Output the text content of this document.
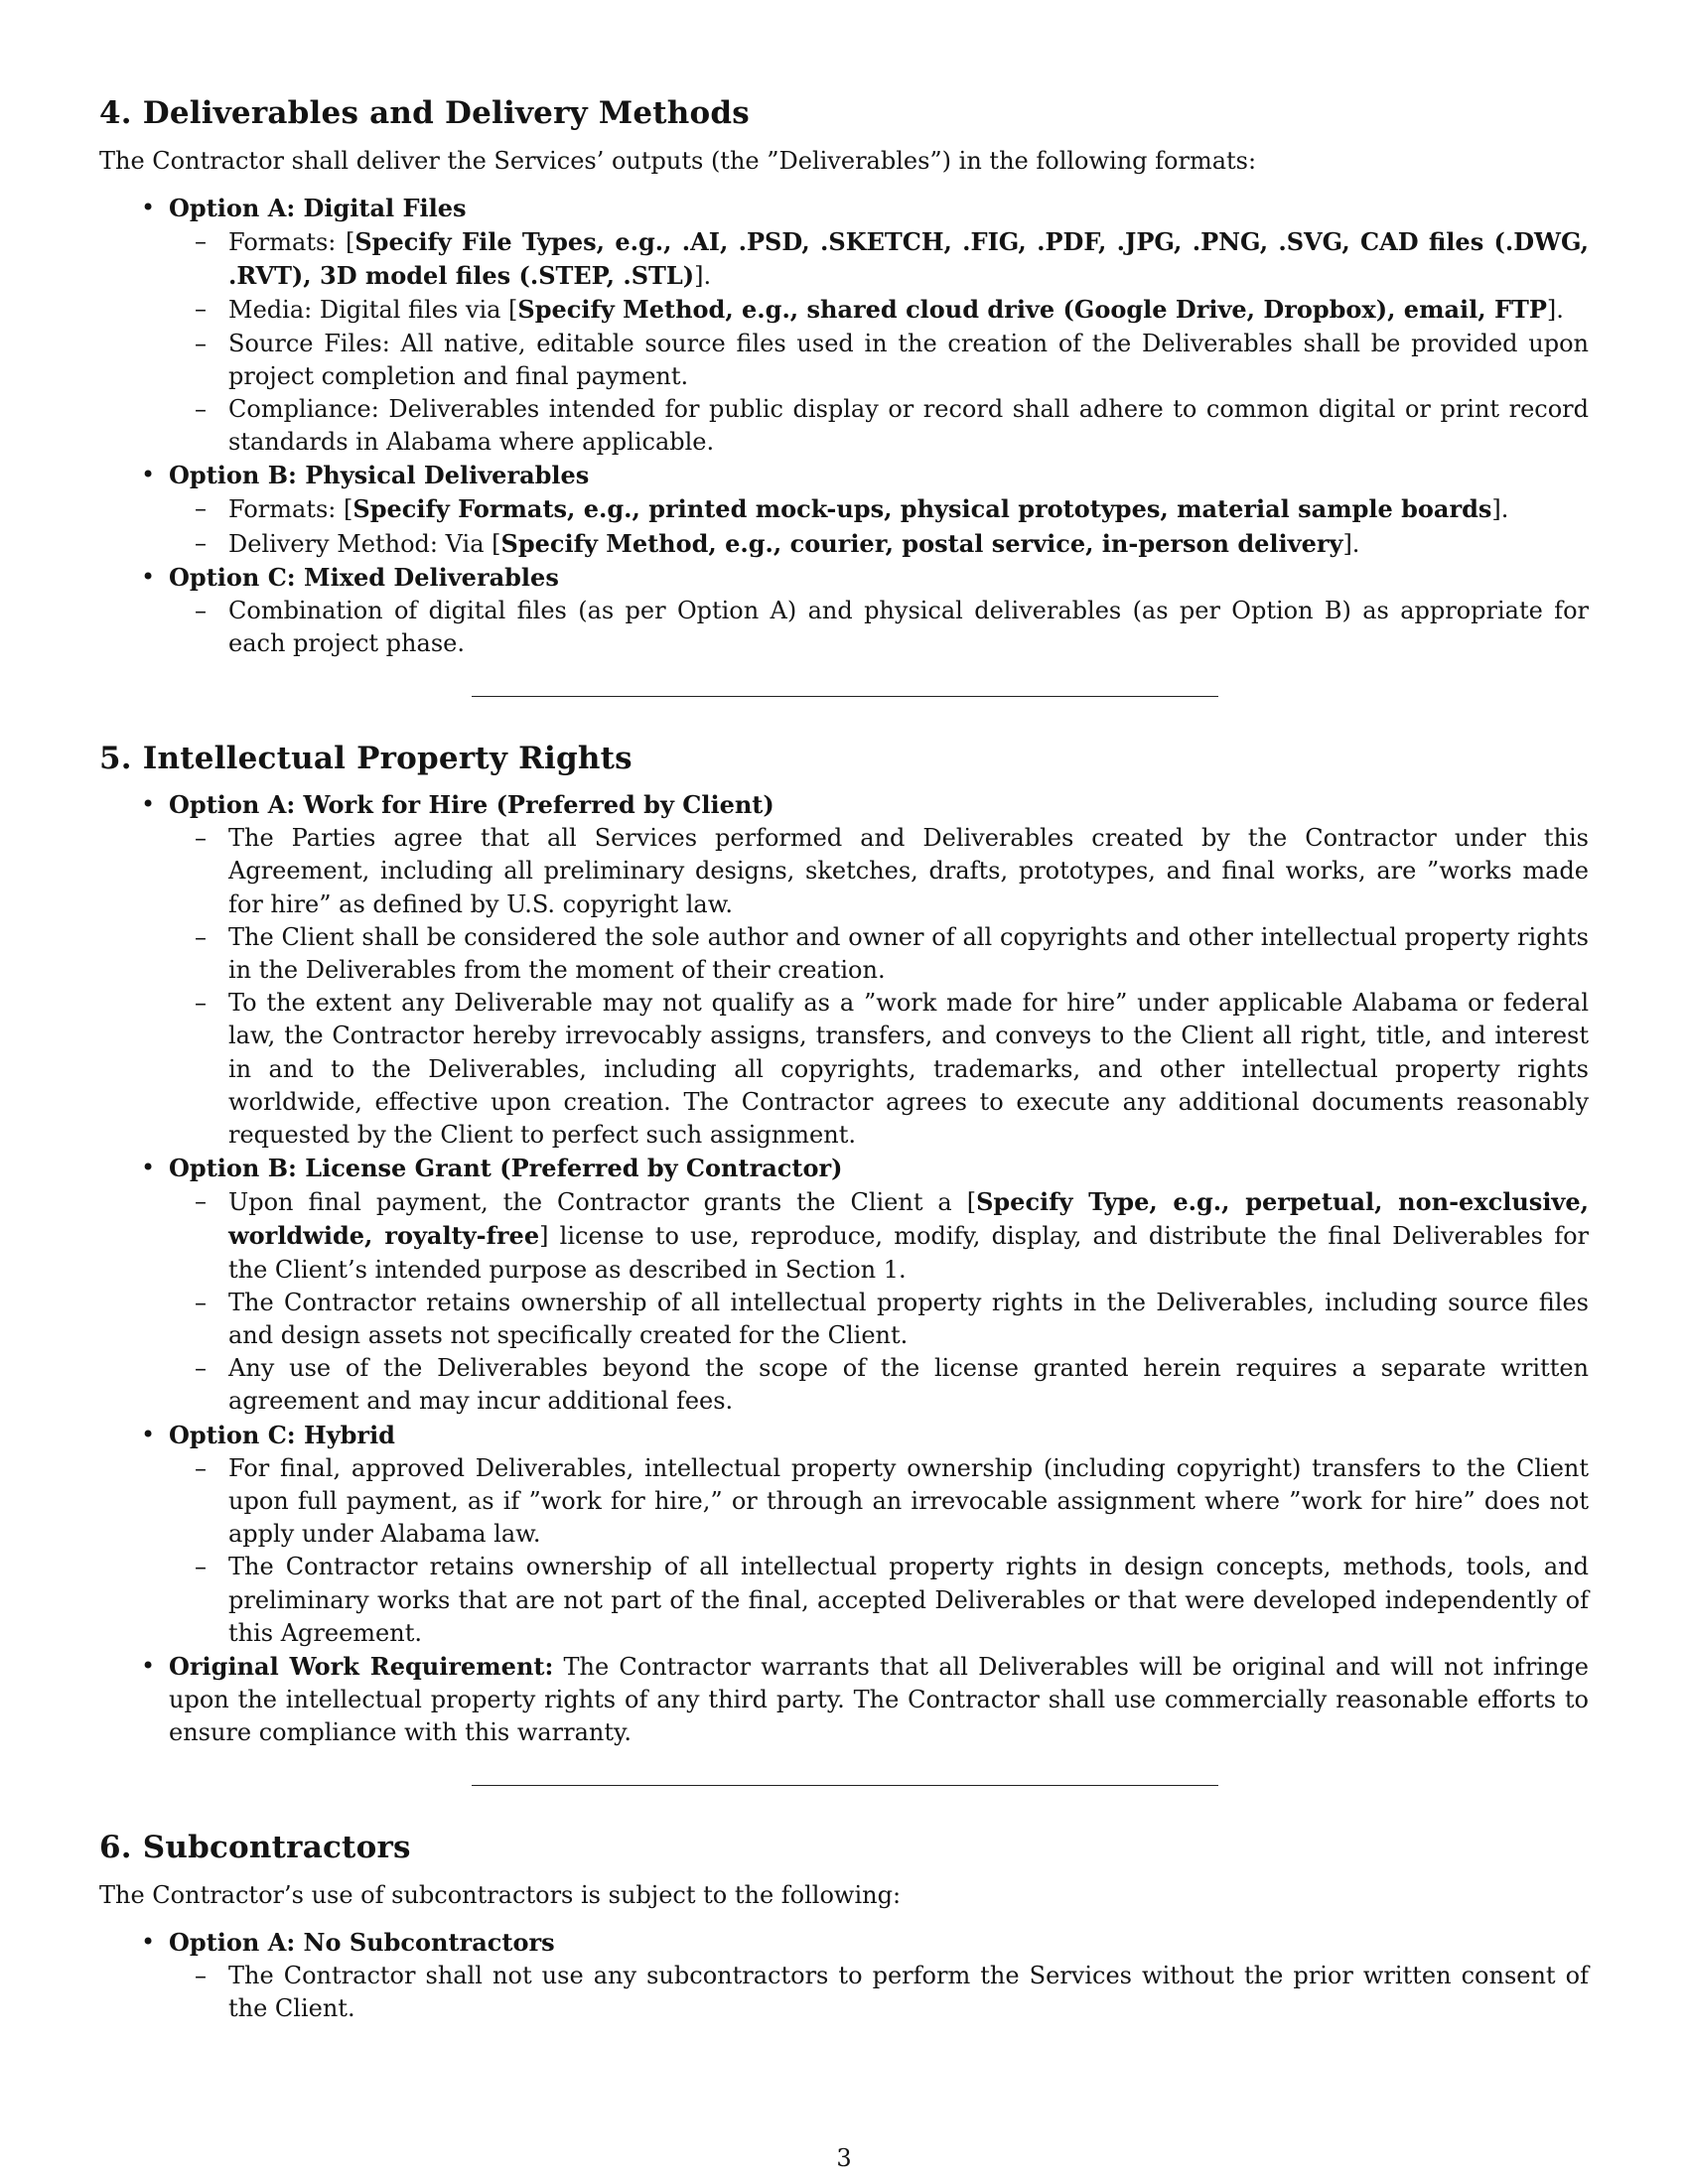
4. Deliverables and Delivery Methods

The Contractor shall deliver the Services’ outputs (the ”Deliverables”) in the following formats:

• Option A: Digital Files
– Formats: [Specify File Types, e.g., .AI, .PSD, .SKETCH, .FIG, .PDF, .JPG, .PNG, .SVG, CAD files (.DWG, .RVT), 3D model files (.STEP, .STL)].
– Media: Digital files via [Specify Method, e.g., shared cloud drive (Google Drive, Dropbox), email, FTP].
– Source Files: All native, editable source files used in the creation of the Deliverables shall be provided upon project completion and final payment.
– Compliance: Deliverables intended for public display or record shall adhere to common digital or print record standards in Alabama where applicable.
• Option B: Physical Deliverables
– Formats: [Specify Formats, e.g., printed mock-ups, physical prototypes, material sample boards].
– Delivery Method: Via [Specify Method, e.g., courier, postal service, in-person delivery].
• Option C: Mixed Deliverables
– Combination of digital files (as per Option A) and physical deliverables (as per Option B) as appropriate for each project phase.
5. Intellectual Property Rights
• Option A: Work for Hire (Preferred by Client)
– The Parties agree that all Services performed and Deliverables created by the Contractor under this Agreement, including all preliminary designs, sketches, drafts, prototypes, and final works, are ”works made for hire” as defined by U.S. copyright law.
– The Client shall be considered the sole author and owner of all copyrights and other intellectual property rights in the Deliverables from the moment of their creation.
– To the extent any Deliverable may not qualify as a ”work made for hire” under applicable Alabama or federal law, the Contractor hereby irrevocably assigns, transfers, and conveys to the Client all right, title, and interest in and to the Deliverables, including all copyrights, trademarks, and other intellectual property rights worldwide, effective upon creation. The Contractor agrees to execute any additional documents reasonably requested by the Client to perfect such assignment.
• Option B: License Grant (Preferred by Contractor)
– Upon final payment, the Contractor grants the Client a [Specify Type, e.g., perpetual, non-exclusive, worldwide, royalty-free] license to use, reproduce, modify, display, and distribute the final Deliverables for the Client’s intended purpose as described in Section 1.
– The Contractor retains ownership of all intellectual property rights in the Deliverables, including source files and design assets not specifically created for the Client.
– Any use of the Deliverables beyond the scope of the license granted herein requires a separate written agreement and may incur additional fees.
• Option C: Hybrid
– For final, approved Deliverables, intellectual property ownership (including copyright) transfers to the Client upon full payment, as if ”work for hire,” or through an irrevocable assignment where ”work for hire” does not apply under Alabama law.
– The Contractor retains ownership of all intellectual property rights in design concepts, methods, tools, and preliminary works that are not part of the final, accepted Deliverables or that were developed independently of this Agreement.
• Original Work Requirement: The Contractor warrants that all Deliverables will be original and will not infringe upon the intellectual property rights of any third party. The Contractor shall use commercially reasonable efforts to ensure compliance with this warranty.
6. Subcontractors

The Contractor’s use of subcontractors is subject to the following:

• Option A: No Subcontractors
– The Contractor shall not use any subcontractors to perform the Services without the prior written consent of the Client.
3
